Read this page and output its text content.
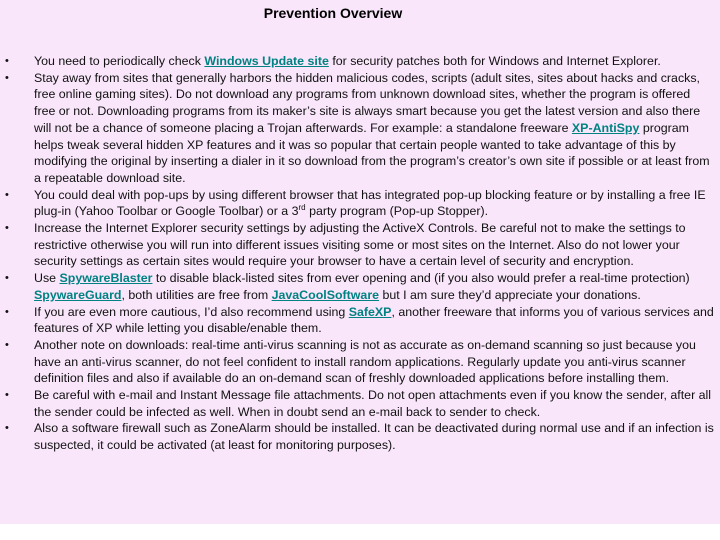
Prevention Overview
• You need to periodically check Windows Update site for security patches both for Windows and Internet Explorer.
• Stay away from sites that generally harbors the hidden malicious codes, scripts (adult sites, sites about hacks and cracks, free online gaming sites). Do not download any programs from unknown download sites, whether the program is offered free or not. Downloading programs from its maker’s site is always smart because you get the latest version and also there will not be a chance of someone placing a Trojan afterwards. For example: a standalone freeware XP-AntiSpy program helps tweak several hidden XP features and it was so popular that certain people wanted to take advantage of this by modifying the original by inserting a dialer in it so download from the program’s creator’s own site if possible or at least from a repeatable download site.
• You could deal with pop-ups by using different browser that has integrated pop-up blocking feature or by installing a free IE plug-in (Yahoo Toolbar or Google Toolbar) or a 3rd party program (Pop-up Stopper).
• Increase the Internet Explorer security settings by adjusting the ActiveX Controls. Be careful not to make the settings to restrictive otherwise you will run into different issues visiting some or most sites on the Internet. Also do not lower your security settings as certain sites would require your browser to have a certain level of security and encryption.
• Use SpywareBlaster to disable black-listed sites from ever opening and (if you also would prefer a real-time protection) SpywareGuard, both utilities are free from JavaCoolSoftware but I am sure they’d appreciate your donations.
• If you are even more cautious, I’d also recommend using SafeXP, another freeware that informs you of various services and features of XP while letting you disable/enable them.
• Another note on downloads: real-time anti-virus scanning is not as accurate as on-demand scanning so just because you have an anti-virus scanner, do not feel confident to install random applications. Regularly update you anti-virus scanner definition files and also if available do an on-demand scan of freshly downloaded applications before installing them.
• Be careful with e-mail and Instant Message file attachments. Do not open attachments even if you know the sender, after all the sender could be infected as well. When in doubt send an e-mail back to sender to check.
• Also a software firewall such as ZoneAlarm should be installed. It can be deactivated during normal use and if an infection is suspected, it could be activated (at least for monitoring purposes).
